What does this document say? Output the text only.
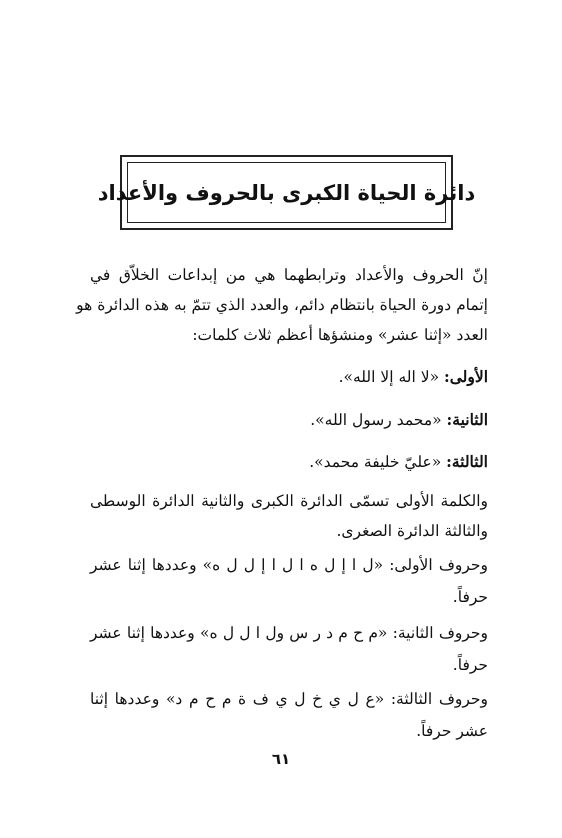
دائرة الحياة الكبرى بالحروف والأعداد
إنّ الحروف والأعداد وترابطهما هي من إبداعات الخلاّق في
إتمام دورة الحياة بانتظام دائم، والعدد الذي تتمّ به هذه الدائرة هو
العدد «إثنا عشر» ومنشؤها أعظم ثلاث كلمات:
الأولى: «لا اله إلا الله».
الثانية: «محمد رسول الله».
الثالثة: «عليّ خليفة محمد».
والكلمة الأولى تسمّى الدائرة الكبرى والثانية الدائرة الوسطى
والثالثة الدائرة الصغرى.
وحروف الأولى: «ل ا إ ل ه ا ل ا إ ل ل ه» وعددها إثنا عشر
حرفاً.
وحروف الثانية: «م ح م د ر س ول ا ل ل ه» وعددها إثنا عشر
حرفاً.
وحروف الثالثة: «ع ل ي خ ل ي ف ة م ح م د» وعددها إثنا
عشر حرفاً.
٦١
